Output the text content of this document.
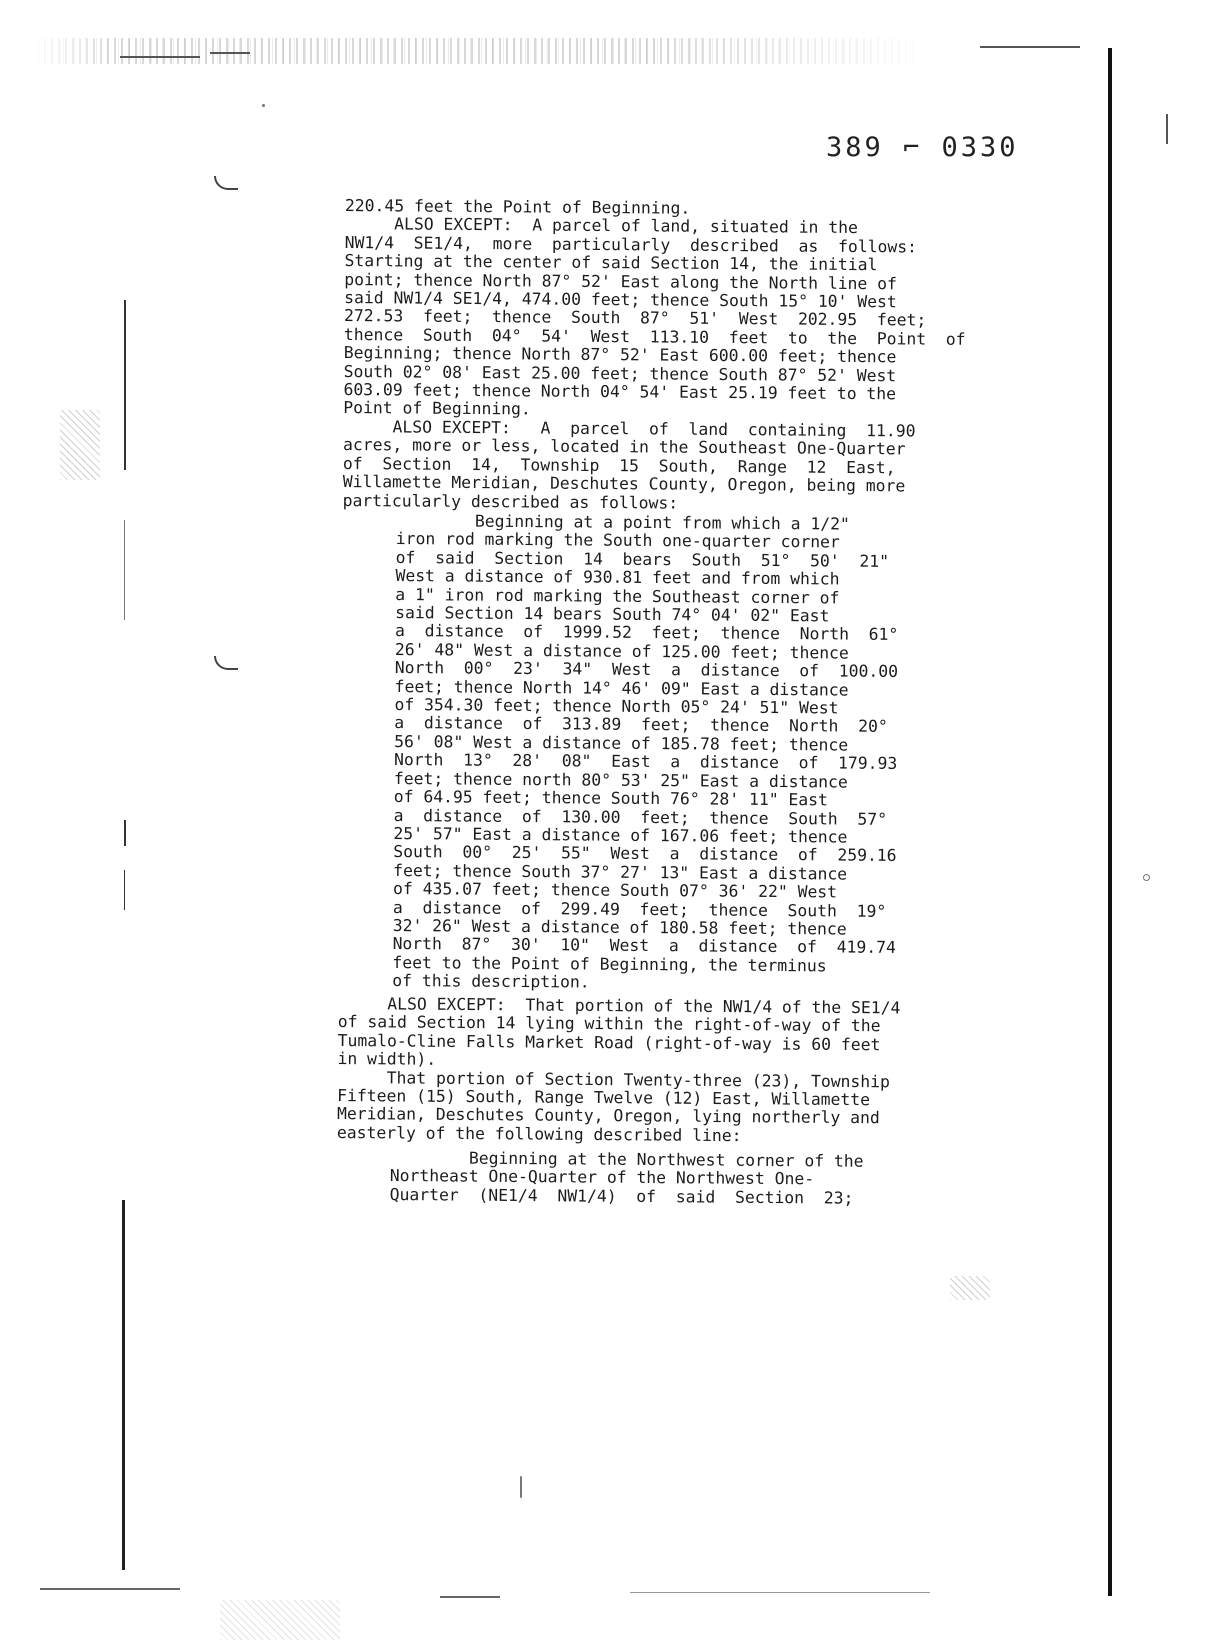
389 ⌐ 0330
220.45 feet the Point of Beginning.
ALSO EXCEPT:  A parcel of land, situated in the
NW1/4  SE1/4,  more  particularly  described  as  follows:
Starting at the center of said Section 14, the initial
point; thence North 87° 52' East along the North line of
said NW1/4 SE1/4, 474.00 feet; thence South 15° 10' West
272.53  feet;  thence  South  87°  51'  West  202.95  feet;
thence  South  04°  54'  West  113.10  feet  to  the  Point  of
Beginning; thence North 87° 52' East 600.00 feet; thence
South 02° 08' East 25.00 feet; thence South 87° 52' West
603.09 feet; thence North 04° 54' East 25.19 feet to the
Point of Beginning.
ALSO EXCEPT:   A  parcel  of  land  containing  11.90
acres, more or less, located in the Southeast One-Quarter
of  Section  14,  Township  15  South,  Range  12  East,
Willamette Meridian, Deschutes County, Oregon, being more
particularly described as follows:
Beginning at a point from which a 1/2"
iron rod marking the South one-quarter corner
of  said  Section  14  bears  South  51°  50'  21"
West a distance of 930.81 feet and from which
a 1" iron rod marking the Southeast corner of
said Section 14 bears South 74° 04' 02" East
a  distance  of  1999.52  feet;  thence  North  61°
26' 48" West a distance of 125.00 feet; thence
North  00°  23'  34"  West  a  distance  of  100.00
feet; thence North 14° 46' 09" East a distance
of 354.30 feet; thence North 05° 24' 51" West
a  distance  of  313.89  feet;  thence  North  20°
56' 08" West a distance of 185.78 feet; thence
North  13°  28'  08"  East  a  distance  of  179.93
feet; thence north 80° 53' 25" East a distance
of 64.95 feet; thence South 76° 28' 11" East
a  distance  of  130.00  feet;  thence  South  57°
25' 57" East a distance of 167.06 feet; thence
South  00°  25'  55"  West  a  distance  of  259.16
feet; thence South 37° 27' 13" East a distance
of 435.07 feet; thence South 07° 36' 22" West
a  distance  of  299.49  feet;  thence  South  19°
32' 26" West a distance of 180.58 feet; thence
North  87°  30'  10"  West  a  distance  of  419.74
feet to the Point of Beginning, the terminus
of this description.
ALSO EXCEPT:  That portion of the NW1/4 of the SE1/4
of said Section 14 lying within the right-of-way of the
Tumalo-Cline Falls Market Road (right-of-way is 60 feet
in width).
That portion of Section Twenty-three (23), Township
Fifteen (15) South, Range Twelve (12) East, Willamette
Meridian, Deschutes County, Oregon, lying northerly and
easterly of the following described line:
Beginning at the Northwest corner of the
Northeast One-Quarter of the Northwest One-
Quarter  (NE1/4  NW1/4)  of  said  Section  23;
